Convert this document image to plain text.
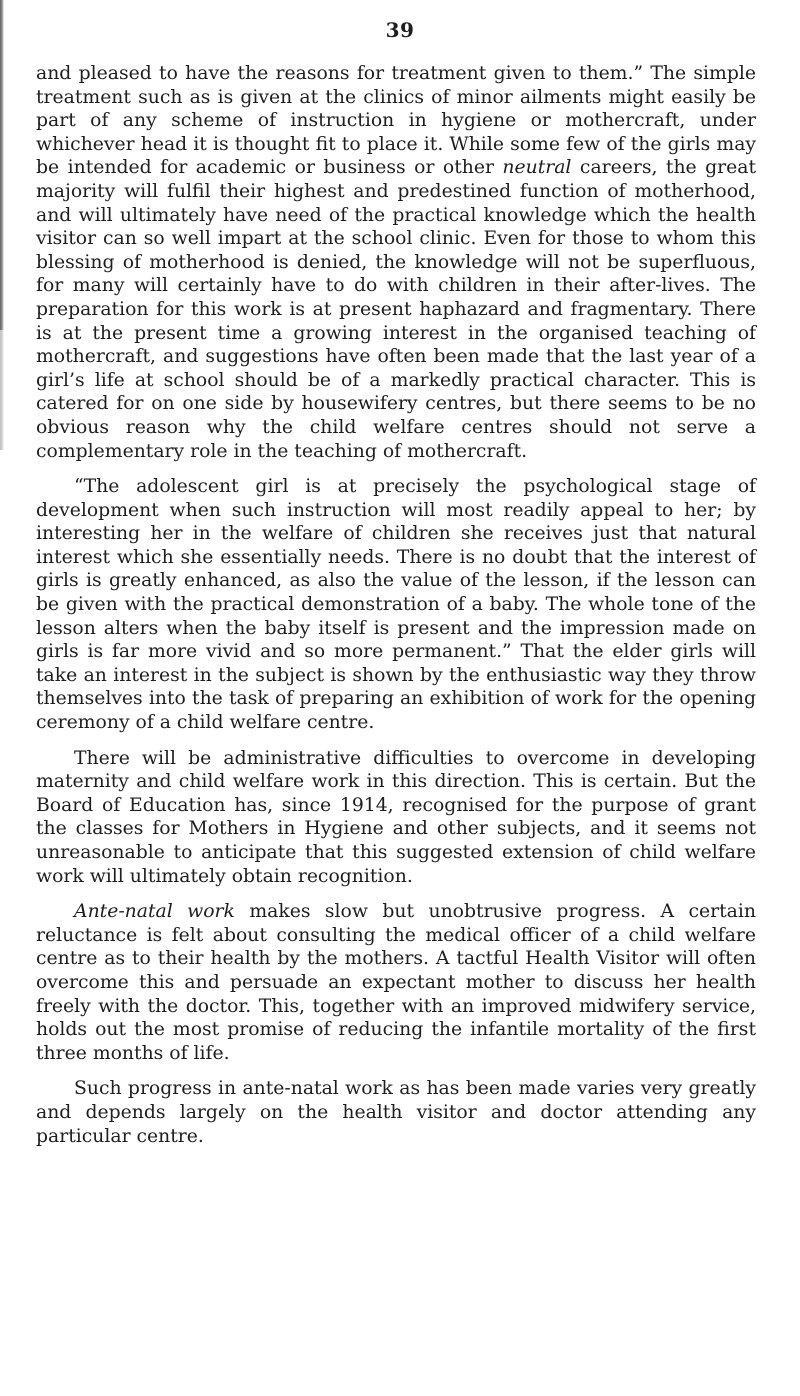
39

and pleased to have the reasons for treatment given to them.” The simple treatment such as is given at the clinics of minor ailments might easily be part of any scheme of instruction in hygiene or mothercraft, under whichever head it is thought fit to place it. While some few of the girls may be intended for academic or business or other neutral careers, the great majority will fulfil their highest and predestined function of motherhood, and will ultimately have need of the practical knowledge which the health visitor can so well impart at the school clinic. Even for those to whom this blessing of motherhood is denied, the knowledge will not be superfluous, for many will certainly have to do with children in their after-lives. The preparation for this work is at present haphazard and fragmentary. There is at the present time a growing interest in the organised teaching of mothercraft, and suggestions have often been made that the last year of a girl’s life at school should be of a markedly practical character. This is catered for on one side by housewifery centres, but there seems to be no obvious reason why the child welfare centres should not serve a complementary role in the teaching of mothercraft.

“The adolescent girl is at precisely the psychological stage of development when such instruction will most readily appeal to her; by interesting her in the welfare of children she receives just that natural interest which she essentially needs. There is no doubt that the interest of girls is greatly enhanced, as also the value of the lesson, if the lesson can be given with the practical demonstration of a baby. The whole tone of the lesson alters when the baby itself is present and the impression made on girls is far more vivid and so more permanent.” That the elder girls will take an interest in the subject is shown by the enthusiastic way they throw themselves into the task of preparing an exhibition of work for the opening ceremony of a child welfare centre.

There will be administrative difficulties to overcome in developing maternity and child welfare work in this direction. This is certain. But the Board of Education has, since 1914, recognised for the purpose of grant the classes for Mothers in Hygiene and other subjects, and it seems not unreasonable to anticipate that this suggested extension of child welfare work will ultimately obtain recognition.

Ante-natal work makes slow but unobtrusive progress. A certain reluctance is felt about consulting the medical officer of a child welfare centre as to their health by the mothers. A tactful Health Visitor will often overcome this and persuade an expectant mother to discuss her health freely with the doctor. This, together with an improved midwifery service, holds out the most promise of reducing the infantile mortality of the first three months of life.

Such progress in ante-natal work as has been made varies very greatly and depends largely on the health visitor and doctor attending any particular centre.
